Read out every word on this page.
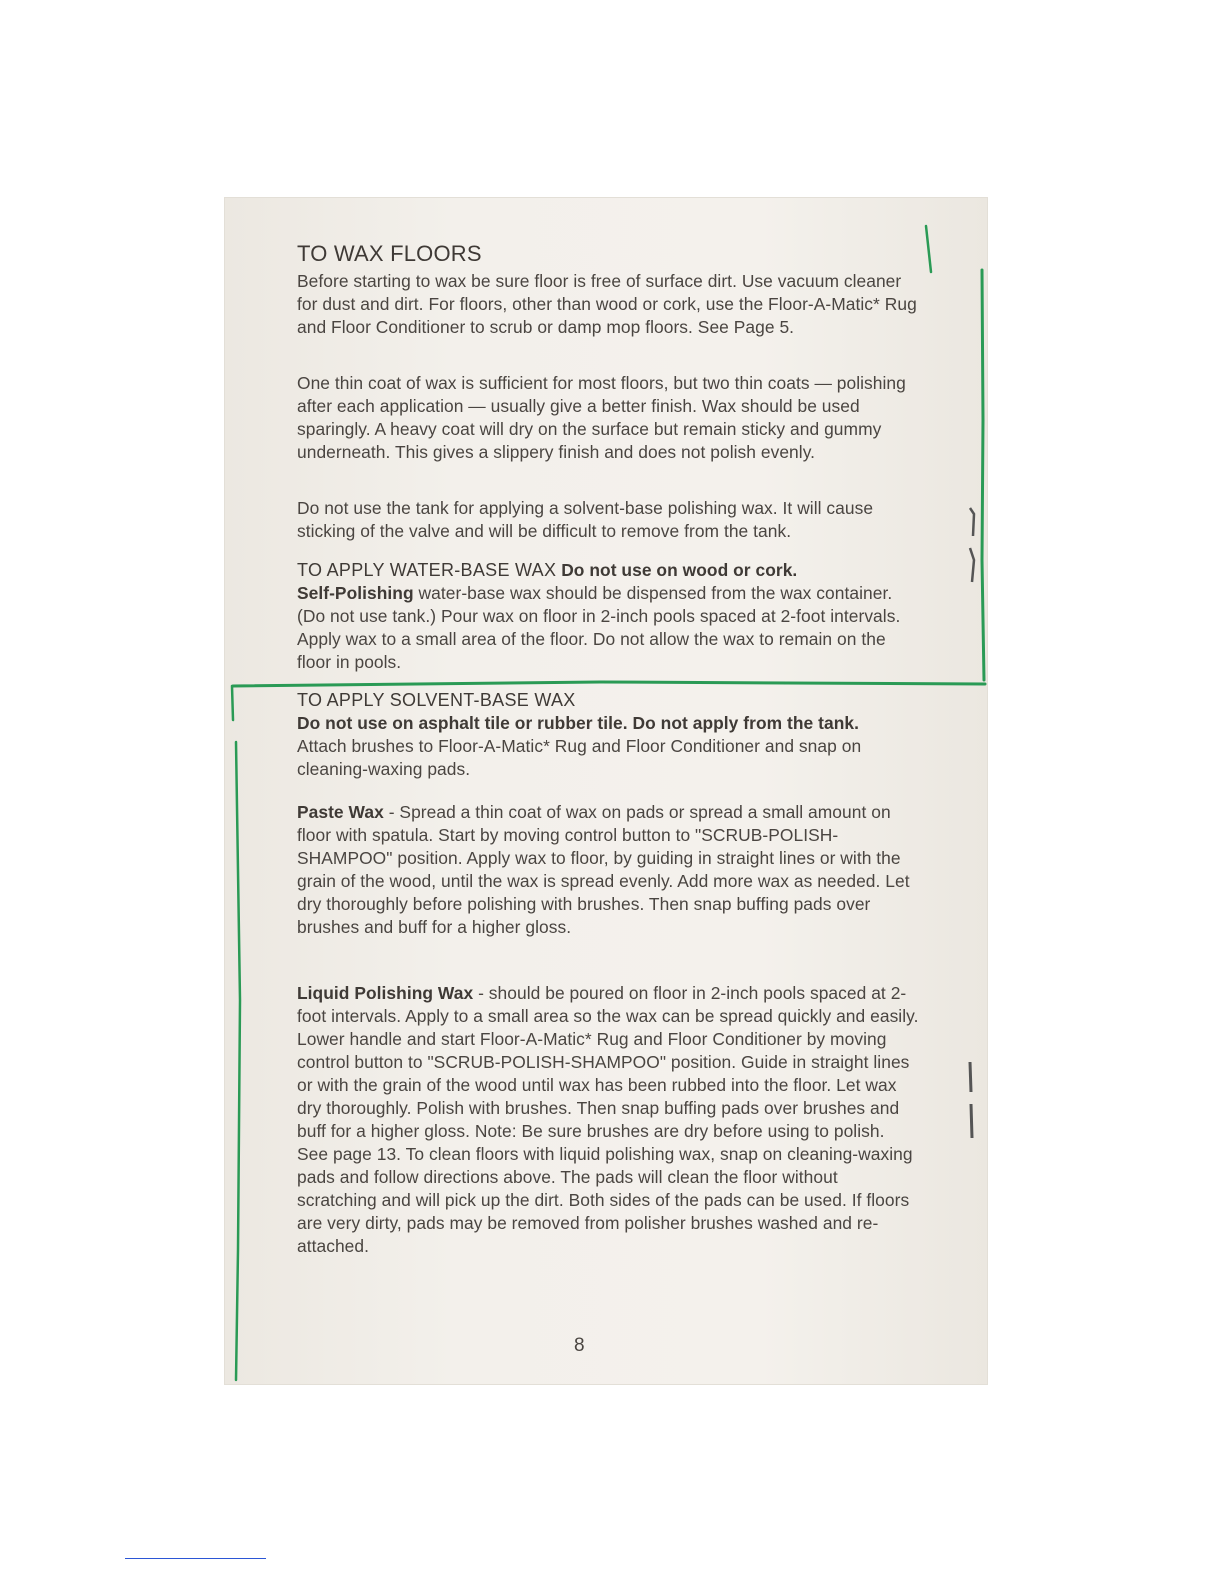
TO WAX FLOORS

Before starting to wax be sure floor is free of surface dirt. Use vacuum cleaner for dust and dirt. For floors, other than wood or cork, use the Floor-A-Matic* Rug and Floor Conditioner to scrub or damp mop floors. See Page 5.

One thin coat of wax is sufficient for most floors, but two thin coats — polishing after each application — usually give a better finish. Wax should be used sparingly. A heavy coat will dry on the surface but remain sticky and gummy underneath. This gives a slippery finish and does not polish evenly.

Do not use the tank for applying a solvent-base polishing wax. It will cause sticking of the valve and will be difficult to remove from the tank.

TO APPLY WATER-BASE WAX Do not use on wood or cork.

Self-Polishing water-base wax should be dispensed from the wax container. (Do not use tank.) Pour wax on floor in 2-inch pools spaced at 2-foot intervals. Apply wax to a small area of the floor. Do not allow the wax to remain on the floor in pools.

TO APPLY SOLVENT-BASE WAX

Do not use on asphalt tile or rubber tile. Do not apply from the tank.

Attach brushes to Floor-A-Matic* Rug and Floor Conditioner and snap on cleaning-waxing pads.

Paste Wax - Spread a thin coat of wax on pads or spread a small amount on floor with spatula. Start by moving control button to "SCRUB-POLISH-SHAMPOO" position. Apply wax to floor, by guiding in straight lines or with the grain of the wood, until the wax is spread evenly. Add more wax as needed. Let dry thoroughly before polishing with brushes. Then snap buffing pads over brushes and buff for a higher gloss.

Liquid Polishing Wax - should be poured on floor in 2-inch pools spaced at 2-foot intervals. Apply to a small area so the wax can be spread quickly and easily. Lower handle and start Floor-A-Matic* Rug and Floor Conditioner by moving control button to "SCRUB-POLISH-SHAMPOO" position. Guide in straight lines or with the grain of the wood until wax has been rubbed into the floor. Let wax dry thoroughly. Polish with brushes. Then snap buffing pads over brushes and buff for a higher gloss. Note: Be sure brushes are dry before using to polish. See page 13. To clean floors with liquid polishing wax, snap on cleaning-waxing pads and follow directions above. The pads will clean the floor without scratching and will pick up the dirt. Both sides of the pads can be used. If floors are very dirty, pads may be removed from polisher brushes washed and re-attached.

8
